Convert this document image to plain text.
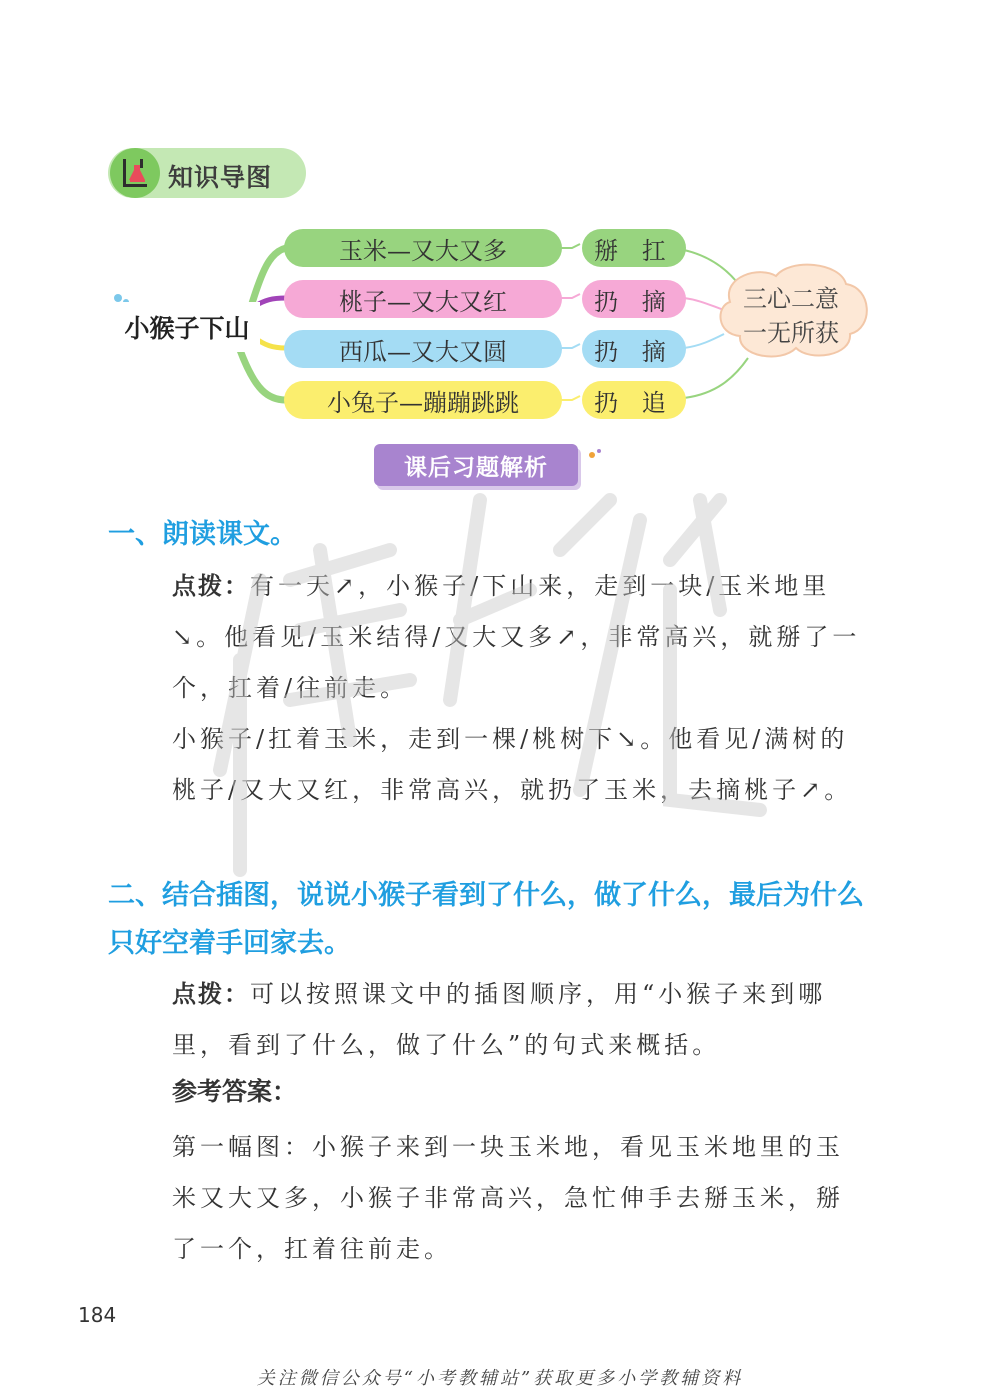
知识导图
小猴子下山
玉米—又大又多
桃子—又大又红
西瓜—又大又圆
小兔子—蹦蹦跳跳
掰 扛
扔 摘
扔 摘
扔 追
三心二意
一无所获
课后习题解析
一、朗读课文。
点拨：有一天↗，小猴子/下山来，走到一块/玉米地里↘。他看见/玉米结得/又大又多↗，非常高兴，就掰了一个，扛着/往前走。
小猴子/扛着玉米，走到一棵/桃树下↘。他看见/满树的桃子/又大又红，非常高兴，就扔了玉米，去摘桃子↗。
二、结合插图，说说小猴子看到了什么，做了什么，最后为什么只好空着手回家去。
点拨：可以按照课文中的插图顺序，用“小猴子来到哪里，看到了什么，做了什么”的句式来概括。
参考答案：
第一幅图：小猴子来到一块玉米地，看见玉米地里的玉米又大又多，小猴子非常高兴，急忙伸手去掰玉米，掰了一个，扛着往前走。
184
关注微信公众号“小考教辅站”获取更多小学教辅资料
